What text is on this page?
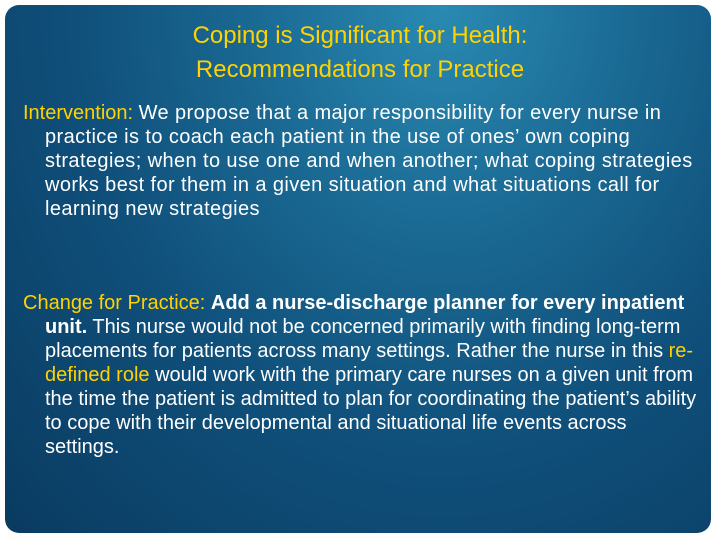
Coping is Significant for Health:
Recommendations for Practice
Intervention: We propose that a major responsibility for every nurse in practice is to coach each patient in the use of ones’ own coping strategies; when to use one and when another; what coping strategies works best for them in a given situation and what situations call for learning new strategies
Change for Practice: Add a nurse-discharge planner for every inpatient unit. This nurse would not be concerned primarily with finding long-term placements for patients across many settings. Rather the nurse in this re-defined role would work with the primary care nurses on a given unit from the time the patient is admitted to plan for coordinating the patient’s ability to cope with their developmental and situational life events across settings.
